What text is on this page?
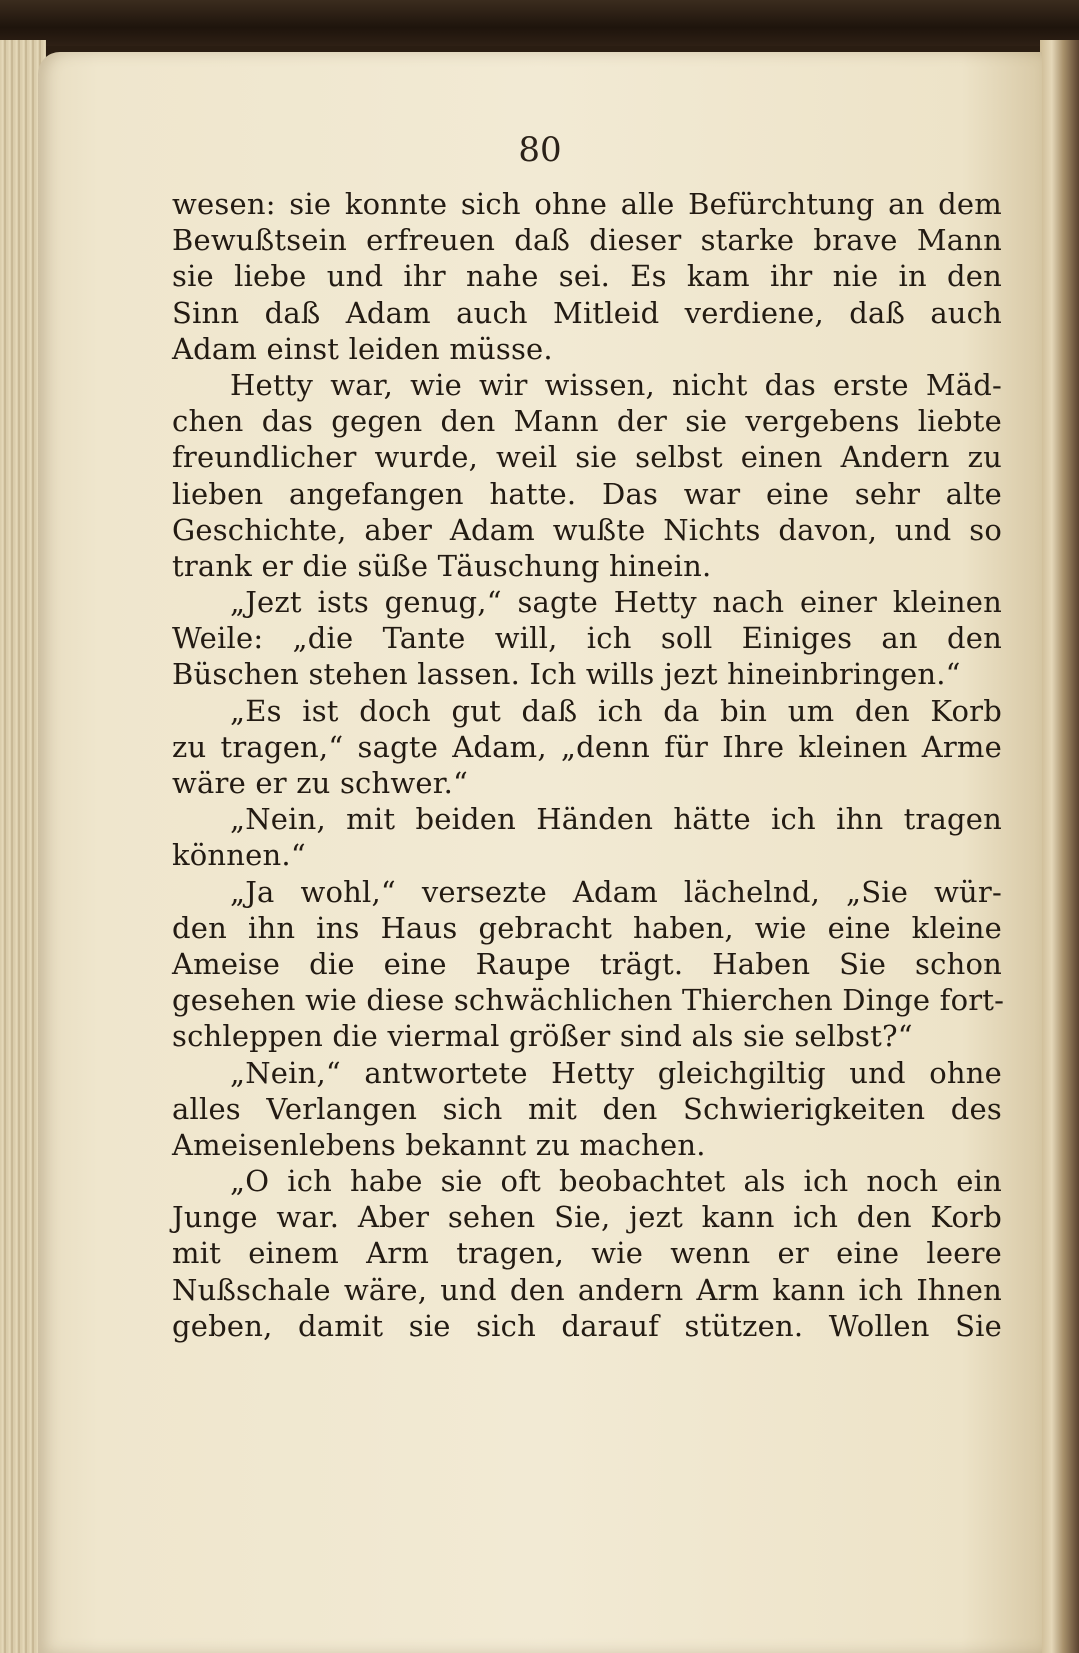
80
wesen: sie konnte sich ohne alle Befürchtung an dem
Bewußtsein erfreuen daß dieser starke brave Mann
sie liebe und ihr nahe sei. Es kam ihr nie in den
Sinn daß Adam auch Mitleid verdiene, daß auch
Adam einst leiden müsse.
Hetty war, wie wir wissen, nicht das erste Mäd-
chen das gegen den Mann der sie vergebens liebte
freundlicher wurde, weil sie selbst einen Andern zu
lieben angefangen hatte. Das war eine sehr alte
Geschichte, aber Adam wußte Nichts davon, und so
trank er die süße Täuschung hinein.
„Jezt ists genug,“ sagte Hetty nach einer kleinen
Weile: „die Tante will, ich soll Einiges an den
Büschen stehen lassen. Ich wills jezt hineinbringen.“
„Es ist doch gut daß ich da bin um den Korb
zu tragen,“ sagte Adam, „denn für Ihre kleinen Arme
wäre er zu schwer.“
„Nein, mit beiden Händen hätte ich ihn tragen
können.“
„Ja wohl,“ versezte Adam lächelnd, „Sie wür-
den ihn ins Haus gebracht haben, wie eine kleine
Ameise die eine Raupe trägt. Haben Sie schon
gesehen wie diese schwächlichen Thierchen Dinge fort-
schleppen die viermal größer sind als sie selbst?“
„Nein,“ antwortete Hetty gleichgiltig und ohne
alles Verlangen sich mit den Schwierigkeiten des
Ameisenlebens bekannt zu machen.
„O ich habe sie oft beobachtet als ich noch ein
Junge war. Aber sehen Sie, jezt kann ich den Korb
mit einem Arm tragen, wie wenn er eine leere
Nußschale wäre, und den andern Arm kann ich Ihnen
geben, damit sie sich darauf stützen. Wollen Sie
